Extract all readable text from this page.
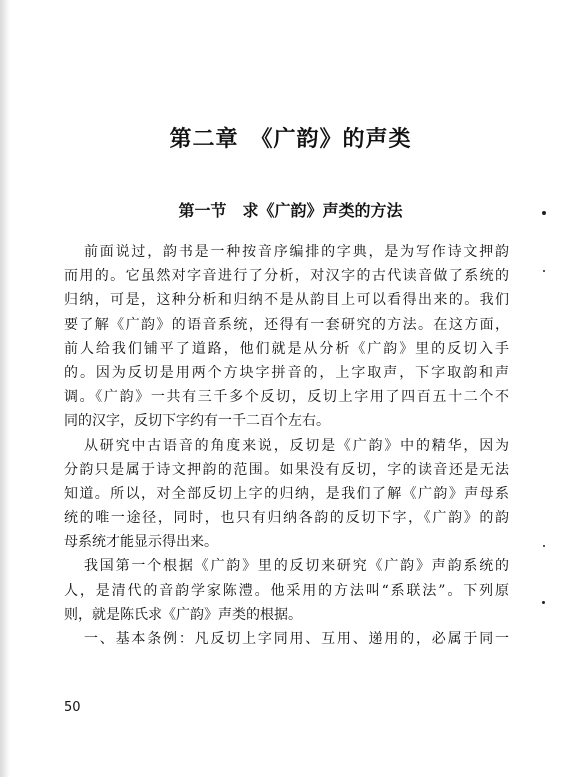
第二章　《广韵》的声类
第一节　求《广韵》声类的方法
前面说过，韵书是一种按音序编排的字典，是为写作诗文押韵
而用的。它虽然对字音进行了分析，对汉字的古代读音做了系统的
归纳，可是，这种分析和归纳不是从韵目上可以看得出来的。我们
要了解《广韵》的语音系统，还得有一套研究的方法。在这方面，
前人给我们铺平了道路，他们就是从分析《广韵》里的反切入手
的。因为反切是用两个方块字拼音的，上字取声，下字取韵和声
调。《广韵》一共有三千多个反切，反切上字用了四百五十二个不
同的汉字，反切下字约有一千二百个左右。
从研究中古语音的角度来说，反切是《广韵》中的精华，因为
分韵只是属于诗文押韵的范围。如果没有反切，字的读音还是无法
知道。所以，对全部反切上字的归纳，是我们了解《广韵》声母系
统的唯一途径，同时，也只有归纳各韵的反切下字，《广韵》的韵
母系统才能显示得出来。
我国第一个根据《广韵》里的反切来研究《广韵》声韵系统的
人，是清代的音韵学家陈澧。他采用的方法叫“系联法”。下列原
则，就是陈氏求《广韵》声类的根据。
一、基本条例：凡反切上字同用、互用、递用的，必属于同一
50
